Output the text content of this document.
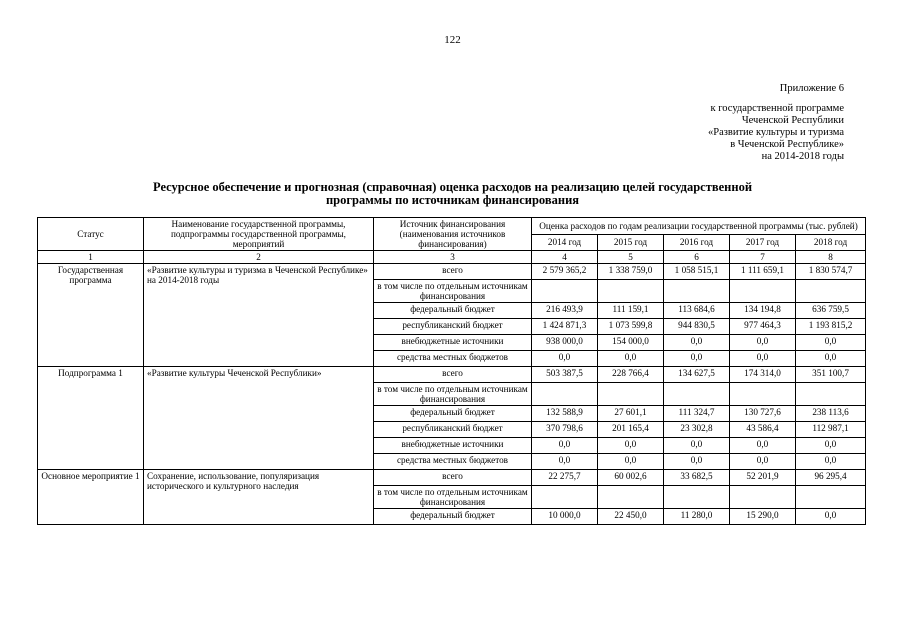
122
Приложение 6
к государственной программе
Чеченской Республики
«Развитие культуры и туризма
в Чеченской Республике»
на 2014-2018 годы
Ресурсное обеспечение и прогнозная (справочная) оценка расходов на реализацию целей государственной
программы по источникам финансирования
Статус	Наименование государственной программы, подпрограммы государственной программы, мероприятий	Источник финансирования (наименования источников финансирования)	Оценка расходов по годам реализации государственной программы (тыс. рублей)				
			2014 год	2015 год	2016 год	2017 год	2018 год
1	2	3	4	5	6	7	8
Государственная программа	«Развитие культуры и туризма в Чеченской Республике» на 2014-2018 годы	всего	2 579 365,2	1 338 759,0	1 058 515,1	1 111 659,1	1 830 574,7
		в том числе по отдельным источникам финансирования					
		федеральный бюджет	216 493,9	111 159,1	113 684,6	134 194,8	636 759,5
		республиканский бюджет	1 424 871,3	1 073 599,8	944 830,5	977 464,3	1 193 815,2
		внебюджетные источники	938 000,0	154 000,0	0,0	0,0	0,0
		средства местных бюджетов	0,0	0,0	0,0	0,0	0,0
Подпрограмма 1	«Развитие культуры Чеченской Республики»	всего	503 387,5	228 766,4	134 627,5	174 314,0	351 100,7
		в том числе по отдельным источникам финансирования					
		федеральный бюджет	132 588,9	27 601,1	111 324,7	130 727,6	238 113,6
		республиканский бюджет	370 798,6	201 165,4	23 302,8	43 586,4	112 987,1
		внебюджетные источники	0,0	0,0	0,0	0,0	0,0
		средства местных бюджетов	0,0	0,0	0,0	0,0	0,0
Основное мероприятие 1	Сохранение, использование, популяризация исторического и культурного наследия	всего	22 275,7	60 002,6	33 682,5	52 201,9	96 295,4
		в том числе по отдельным источникам финансирования					
		федеральный бюджет	10 000,0	22 450,0	11 280,0	15 290,0	0,0
